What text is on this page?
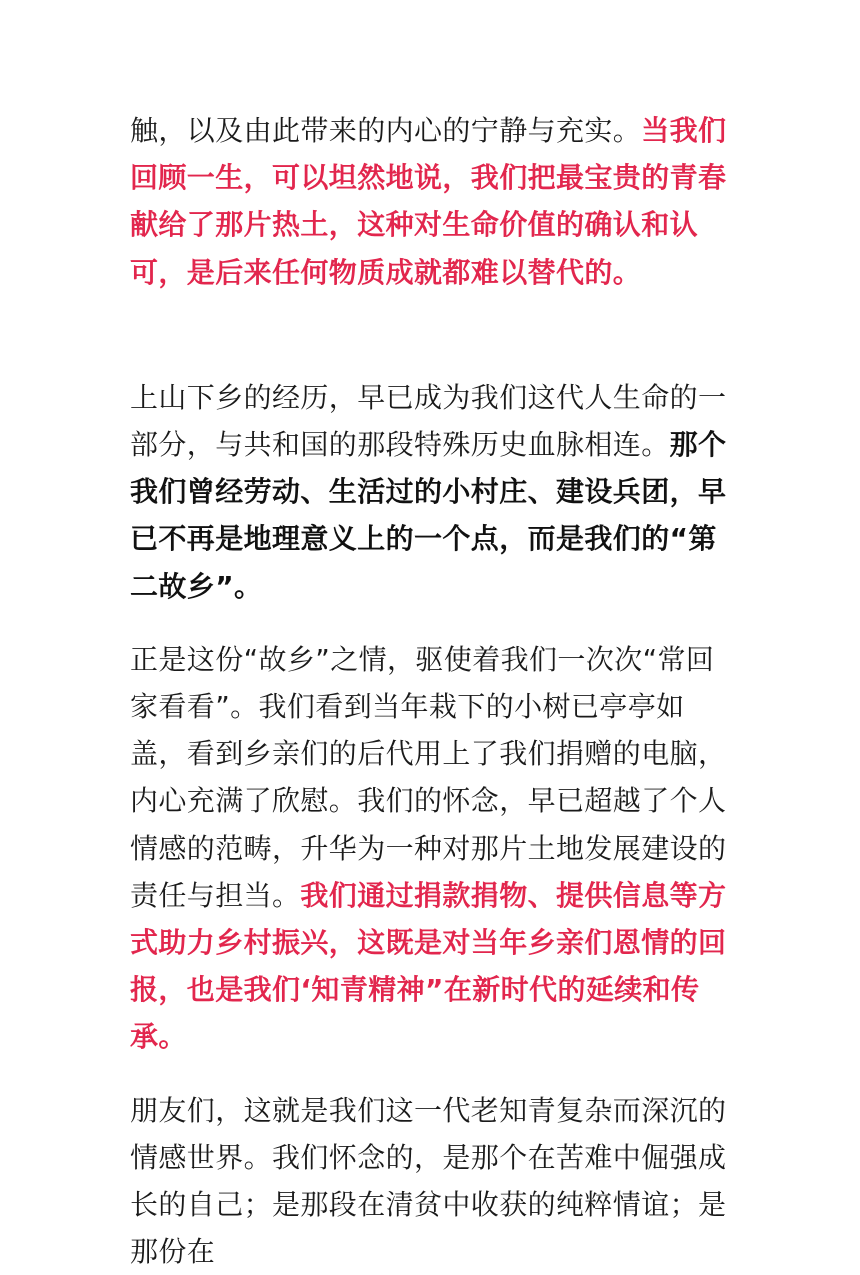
触，以及由此带来的内心的宁静与充实。当我们回顾一生，可以坦然地说，我们把最宝贵的青春献给了那片热土，这种对生命价值的确认和认可，是后来任何物质成就都难以替代的。

上山下乡的经历，早已成为我们这代人生命的一部分，与共和国的那段特殊历史血脉相连。那个我们曾经劳动、生活过的小村庄、建设兵团，早已不再是地理意义上的一个点，而是我们的“第二故乡”。

正是这份“故乡”之情，驱使着我们一次次“常回家看看”。我们看到当年栽下的小树已亭亭如盖，看到乡亲们的后代用上了我们捐赠的电脑，内心充满了欣慰。我们的怀念，早已超越了个人情感的范畴，升华为一种对那片土地发展建设的责任与担当。我们通过捐款捐物、提供信息等方式助力乡村振兴，这既是对当年乡亲们恩情的回报，也是我们‘知青精神”在新时代的延续和传承。

朋友们，这就是我们这一代老知青复杂而深沉的情感世界。我们怀念的，是那个在苦难中倔强成长的自己；是那段在清贫中收获的纯粹情谊；是那份在
